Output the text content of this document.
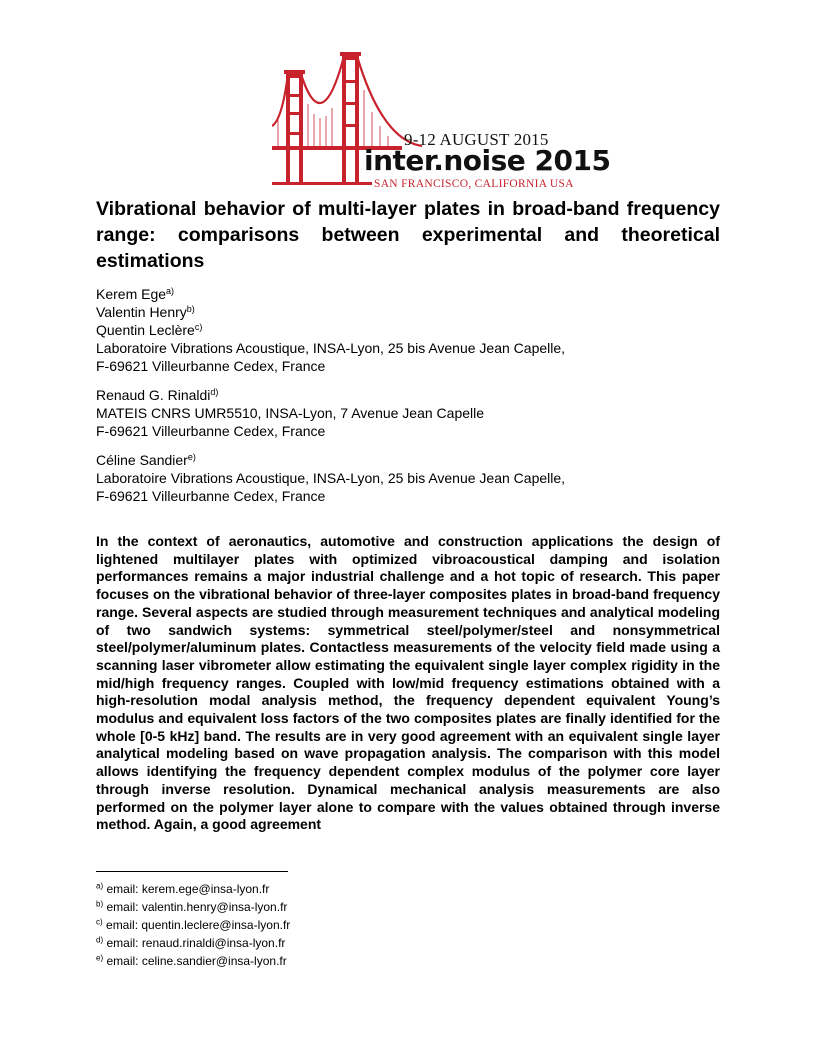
9-12 AUGUST 2015
inter.noise 2015
SAN FRANCISCO, CALIFORNIA USA
Vibrational behavior of multi-layer plates in broad-band frequency range: comparisons between experimental and theoretical estimations
Kerem Ege$^{a)}$
Valentin Henry$^{b)}$
Quentin Leclère$^{c)}$
Laboratoire Vibrations Acoustique, INSA-Lyon, 25 bis Avenue Jean Capelle,
F-69621 Villeurbanne Cedex, France
Renaud G. Rinaldi$^{d)}$
MATEIS CNRS UMR5510, INSA-Lyon, 7 Avenue Jean Capelle
F-69621 Villeurbanne Cedex, France
Céline Sandier$^{e)}$
Laboratoire Vibrations Acoustique, INSA-Lyon, 25 bis Avenue Jean Capelle,
F-69621 Villeurbanne Cedex, France

In the context of aeronautics, automotive and construction applications the design of lightened multilayer plates with optimized vibroacoustical damping and isolation performances remains a major industrial challenge and a hot topic of research. This paper focuses on the vibrational behavior of three-layer composites plates in broad-band frequency range. Several aspects are studied through measurement techniques and analytical modeling of two sandwich systems: symmetrical steel/polymer/steel and nonsymmetrical steel/polymer/aluminum plates. Contactless measurements of the velocity field made using a scanning laser vibrometer allow estimating the equivalent single layer complex rigidity in the mid/high frequency ranges. Coupled with low/mid frequency estimations obtained with a high-resolution modal analysis method, the frequency dependent equivalent Young’s modulus and equivalent loss factors of the two composites plates are finally identified for the whole [0-5 kHz] band. The results are in very good agreement with an equivalent single layer analytical modeling based on wave propagation analysis. The comparison with this model allows identifying the frequency dependent complex modulus of the polymer core layer through inverse resolution. Dynamical mechanical analysis measurements are also performed on the polymer layer alone to compare with the values obtained through inverse method. Again, a good agreement

$^{a)}$ email: kerem.ege@insa-lyon.fr
$^{b)}$ email: valentin.henry@insa-lyon.fr
$^{c)}$ email: quentin.leclere@insa-lyon.fr
$^{d)}$ email: renaud.rinaldi@insa-lyon.fr
$^{e)}$ email: celine.sandier@insa-lyon.fr
